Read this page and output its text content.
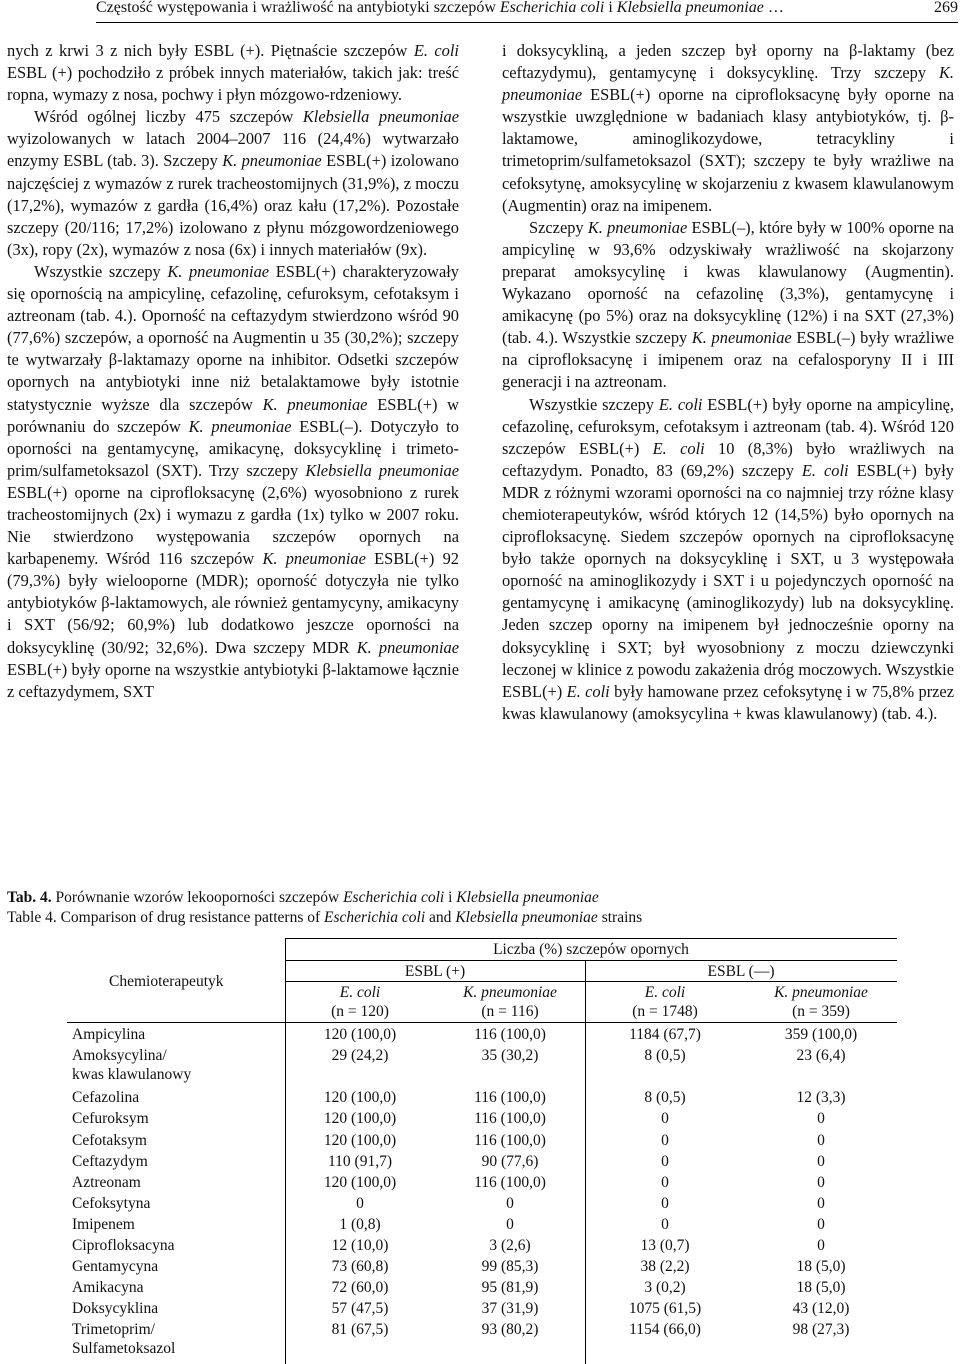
Częstość występowania i wrażliwość na antybiotyki szczepów Escherichia coli i Klebsiella pneumoniae …	269

nych z krwi 3 z nich były ESBL (+). Piętnaście szczepów E. coli ESBL (+) pochodziło z próbek innych materiałów, takich jak: treść ropna, wymazy z nosa, pochwy i płyn mózgowo-rdzeniowy.

Wśród ogólnej liczby 475 szczepów Klebsiella pneumoniae wyizolowanych w latach 2004–2007 116 (24,4%) wytwarzało enzymy ESBL (tab. 3). Szczepy K. pneumoniae ESBL(+) izolowano najczęściej z wymazów z rurek tracheostomijnych (31,9%), z moczu (17,2%), wymazów z gardła (16,4%) oraz kału (17,2%). Pozostałe szczepy (20/116; 17,2%) izolowano z płynu mózgowordzeniowego (3x), ropy (2x), wymazów z nosa (6x) i innych materiałów (9x).

Wszystkie szczepy K. pneumoniae ESBL(+) charakteryzowały się opornością na ampicylinę, cefazolinę, cefuroksym, cefotaksym i aztreonam (tab. 4.). Oporność na ceftazydym stwierdzono wśród 90 (77,6%) szczepów, a oporność na Augmentin u 35 (30,2%); szczepy te wytwarzały β-laktamazy oporne na inhibitor. Odsetki szczepów opornych na antybiotyki inne niż betalaktamowe były istotnie statystycznie wyższe dla szczepów K. pneumoniae ESBL(+) w porównaniu do szczepów K. pneumoniae ESBL(–). Dotyczyło to oporności na gentamycynę, amikacynę, doksycyklinę i trimetoprim/sulfametoksazol (SXT). Trzy szczepy Klebsiella pneumoniae ESBL(+) oporne na ciprofloksacynę (2,6%) wyosobniono z rurek tracheostomijnych (2x) i wymazu z gardła (1x) tylko w 2007 roku. Nie stwierdzono występowania szczepów opornych na karbapenemy. Wśród 116 szczepów K. pneumoniae ESBL(+) 92 (79,3%) były wielooporne (MDR); oporność dotyczyła nie tylko antybiotyków β-laktamowych, ale również gentamycyny, amikacyny i SXT (56/92; 60,9%) lub dodatkowo jeszcze oporności na doksycyklinę (30/92; 32,6%). Dwa szczepy MDR K. pneumoniae ESBL(+) były oporne na wszystkie antybiotyki β-laktamowe łącznie z ceftazydymem, SXT

i doksycykliną, a jeden szczep był oporny na β-laktamy (bez ceftazydymu), gentamycynę i doksycyklinę. Trzy szczepy K. pneumoniae ESBL(+) oporne na ciprofloksacynę były oporne na wszystkie uwzględnione w badaniach klasy antybiotyków, tj. β-laktamowe, aminoglikozydowe, tetracykliny i trimetoprim/sulfametoksazol (SXT); szczepy te były wrażliwe na cefoksytynę, amoksycylinę w skojarzeniu z kwasem klawulanowym (Augmentin) oraz na imipenem.

Szczepy K. pneumoniae ESBL(–), które były w 100% oporne na ampicylinę w 93,6% odzyskiwały wrażliwość na skojarzony preparat amoksycylinę i kwas klawulanowy (Augmentin). Wykazano oporność na cefazolinę (3,3%), gentamycynę i amikacynę (po 5%) oraz na doksycyklinę (12%) i na SXT (27,3%) (tab. 4.). Wszystkie szczepy K. pneumoniae ESBL(–) były wrażliwe na ciprofloksacynę i imipenem oraz na cefalosporyny II i III generacji i na aztreonam.

Wszystkie szczepy E. coli ESBL(+) były oporne na ampicylinę, cefazolinę, cefuroksym, cefotaksym i aztreonam (tab. 4). Wśród 120 szczepów ESBL(+) E. coli 10 (8,3%) było wrażliwych na ceftazydym. Ponadto, 83 (69,2%) szczepy E. coli ESBL(+) były MDR z różnymi wzorami oporności na co najmniej trzy różne klasy chemioterapeutyków, wśród których 12 (14,5%) było opornych na ciprofloksacynę. Siedem szczepów opornych na ciprofloksacynę było także opornych na doksycyklinę i SXT, u 3 występowała oporność na aminoglikozydy i SXT i u pojedynczych oporność na gentamycynę i amikacynę (aminoglikozydy) lub na doksycyklinę. Jeden szczep oporny na imipenem był jednocześnie oporny na doksycyklinę i SXT; był wyosobniony z moczu dziewczynki leczonej w klinice z powodu zakażenia dróg moczowych. Wszystkie ESBL(+) E. coli były hamowane przez cefoksytynę i w 75,8% przez kwas klawulanowy (amoksycylina + kwas klawulanowy) (tab. 4.).

Tab. 4. Porównanie wzorów lekooporności szczepów Escherichia coli i Klebsiella pneumoniae
Table 4. Comparison of drug resistance patterns of Escherichia coli and Klebsiella pneumoniae strains
Liczba (%) szczepów opornych
ESBL (+)	ESBL (—)
Chemioterapeutyk
E. coli
(n = 120)
K. pneumoniae
(n = 116)
E. coli
(n = 1748)
K. pneumoniae
(n = 359)
Ampicylina	120 (100,0)	116 (100,0)	1184 (67,7)	359 (100,0)
Amoksycylina/
kwas klawulanowy
29 (24,2)	35 (30,2)	8 (0,5)	23 (6,4)
Cefazolina	120 (100,0)	116 (100,0)	8 (0,5)	12 (3,3)
Cefuroksym	120 (100,0)	116 (100,0)	0	0
Cefotaksym	120 (100,0)	116 (100,0)	0	0
Ceftazydym	110 (91,7)	90 (77,6)	0	0
Aztreonam	120 (100,0)	116 (100,0)	0	0
Cefoksytyna	0	0	0	0
Imipenem	1 (0,8)	0	0	0
Ciprofloksacyna	12 (10,0)	3 (2,6)	13 (0,7)	0
Gentamycyna	73 (60,8)	99 (85,3)	38 (2,2)	18 (5,0)
Amikacyna	72 (60,0)	95 (81,9)	3 (0,2)	18 (5,0)
Doksycyklina	57 (47,5)	37 (31,9)	1075 (61,5)	43 (12,0)
Trimetoprim/
Sulfametoksazol
81 (67,5)	93 (80,2)	1154 (66,0)	98 (27,3)
